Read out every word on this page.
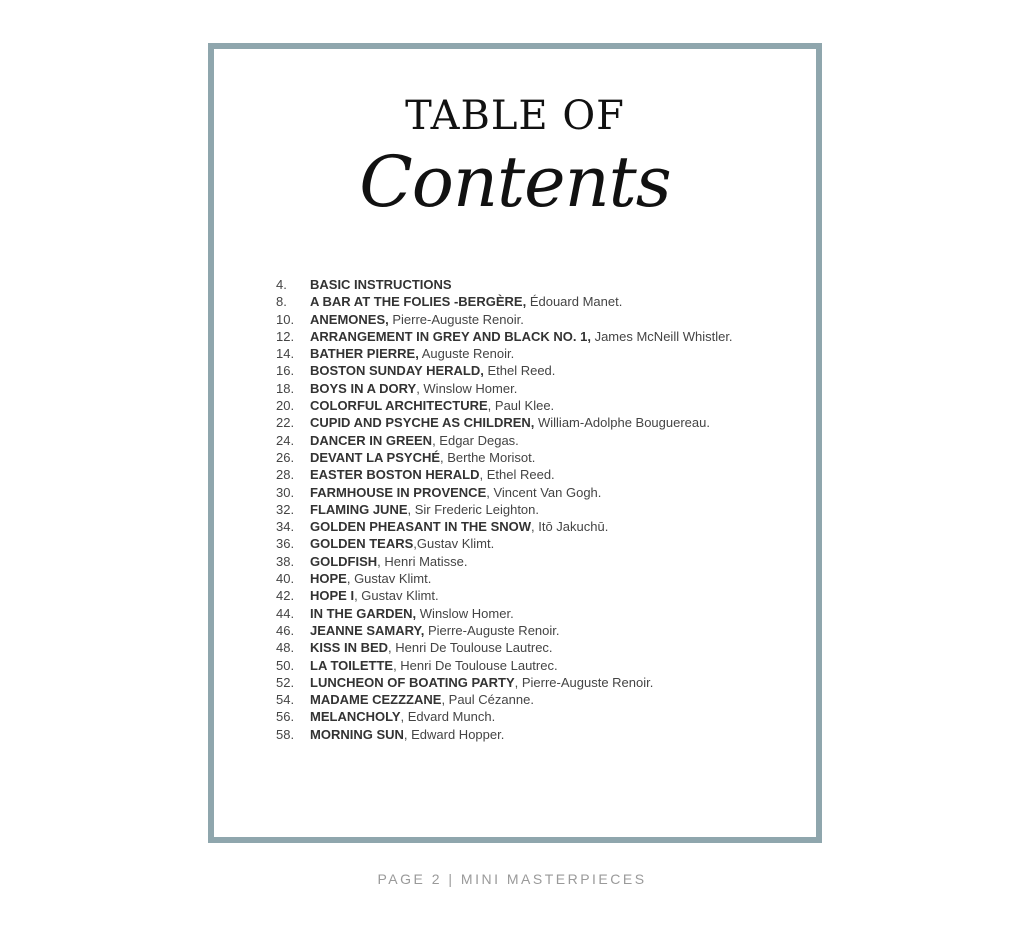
TABLE OF
Contents
4. BASIC INSTRUCTIONS
8. A BAR AT THE FOLIES -BERGÈRE, Édouard Manet.
10. ANEMONES, Pierre-Auguste Renoir.
12. ARRANGEMENT IN GREY AND BLACK NO. 1, James McNeill Whistler.
14. BATHER PIERRE, Auguste Renoir.
16. BOSTON SUNDAY HERALD, Ethel Reed.
18. BOYS IN A DORY, Winslow Homer.
20. COLORFUL ARCHITECTURE, Paul Klee.
22. CUPID AND PSYCHE AS CHILDREN, William-Adolphe Bouguereau.
24. DANCER IN GREEN, Edgar Degas.
26. DEVANT LA PSYCHÉ, Berthe Morisot.
28. EASTER BOSTON HERALD, Ethel Reed.
30. FARMHOUSE IN PROVENCE, Vincent Van Gogh.
32. FLAMING JUNE, Sir Frederic Leighton.
34. GOLDEN PHEASANT IN THE SNOW, Itō Jakuchū.
36. GOLDEN TEARS,Gustav Klimt.
38. GOLDFISH, Henri Matisse.
40. HOPE, Gustav Klimt.
42. HOPE I, Gustav Klimt.
44. IN THE GARDEN, Winslow Homer.
46. JEANNE SAMARY, Pierre-Auguste Renoir.
48. KISS IN BED, Henri De Toulouse Lautrec.
50. LA TOILETTE, Henri De Toulouse Lautrec.
52. LUNCHEON OF BOATING PARTY, Pierre-Auguste Renoir.
54. MADAME CEZZZANE, Paul Cézanne.
56. MELANCHOLY, Edvard Munch.
58. MORNING SUN, Edward Hopper.
PAGE 2 | MINI MASTERPIECES
